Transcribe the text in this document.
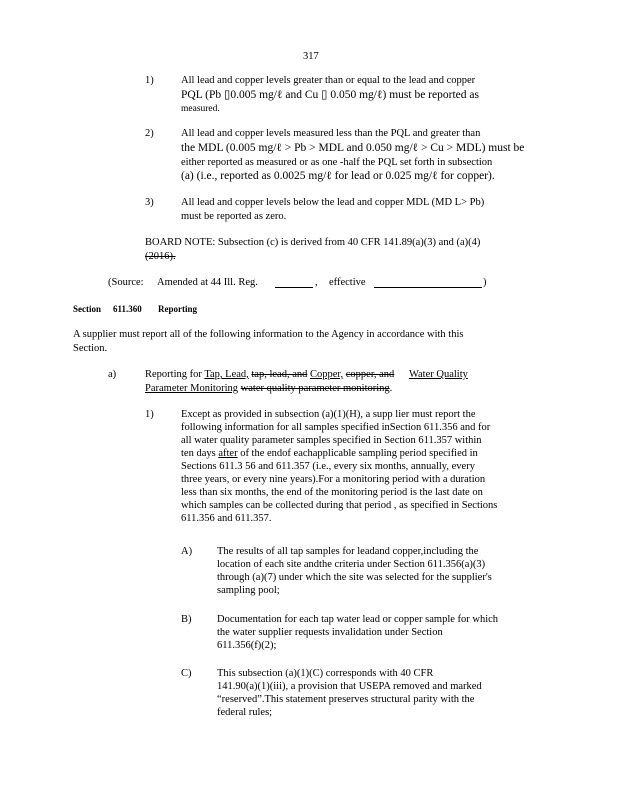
317
1)	All lead and copper levels greater than or equal to the lead and copper
PQL (Pb ▯0.005 mg/ℓ and Cu ▯ 0.050 mg/ℓ) must be reported as
measured.
2)	All lead and copper levels measured less than the PQL and greater than
the MDL (0.005 mg/ℓ > Pb > MDL and 0.050 mg/ℓ > Cu > MDL) must be
either reported as measured or as one -half the PQL set forth in subsection
(a) (i.e., reported as 0.0025 mg/ℓ for lead or 0.025 mg/ℓ for copper).
3)	All lead and copper levels below the lead and copper MDL (MD L> Pb)
must be reported as zero.
BOARD NOTE: Subsection (c) is derived from 40 CFR 141.89(a)(3) and (a)(4)
(2016).
(Source: Amended at 44 Ill. Reg.	, effective	)
Section 611.360 Reporting
A supplier must report all of the following information to the Agency in accordance with this
Section.
a)	Reporting for Tap, Lead, tap, lead, and Copper, copper, and Water Quality
Parameter Monitoring water quality parameter monitoring.
1)	Except as provided in subsection (a)(1)(H), a supp lier must report the
following information for all samples specified inSection 611.356 and for
all water quality parameter samples specified in Section 611.357 within
ten days after of the endof eachapplicable sampling period specified in
Sections 611.3 56 and 611.357 (i.e., every six months, annually, every
three years, or every nine years).For a monitoring period with a duration
less than six months, the end of the monitoring period is the last date on
which samples can be collected during that period , as specified in Sections
611.356 and 611.357.
A) The results of all tap samples for leadand copper,including the
location of each site andthe criteria under Section 611.356(a)(3)
through (a)(7) under which the site was selected for the supplier's
sampling pool;
B) Documentation for each tap water lead or copper sample for which
the water supplier requests invalidation under Section
611.356(f)(2);
C) This subsection (a)(1)(C) corresponds with 40 CFR
141.90(a)(1)(iii), a provision that USEPA removed and marked
“reserved”.This statement preserves structural parity with the
federal rules;
